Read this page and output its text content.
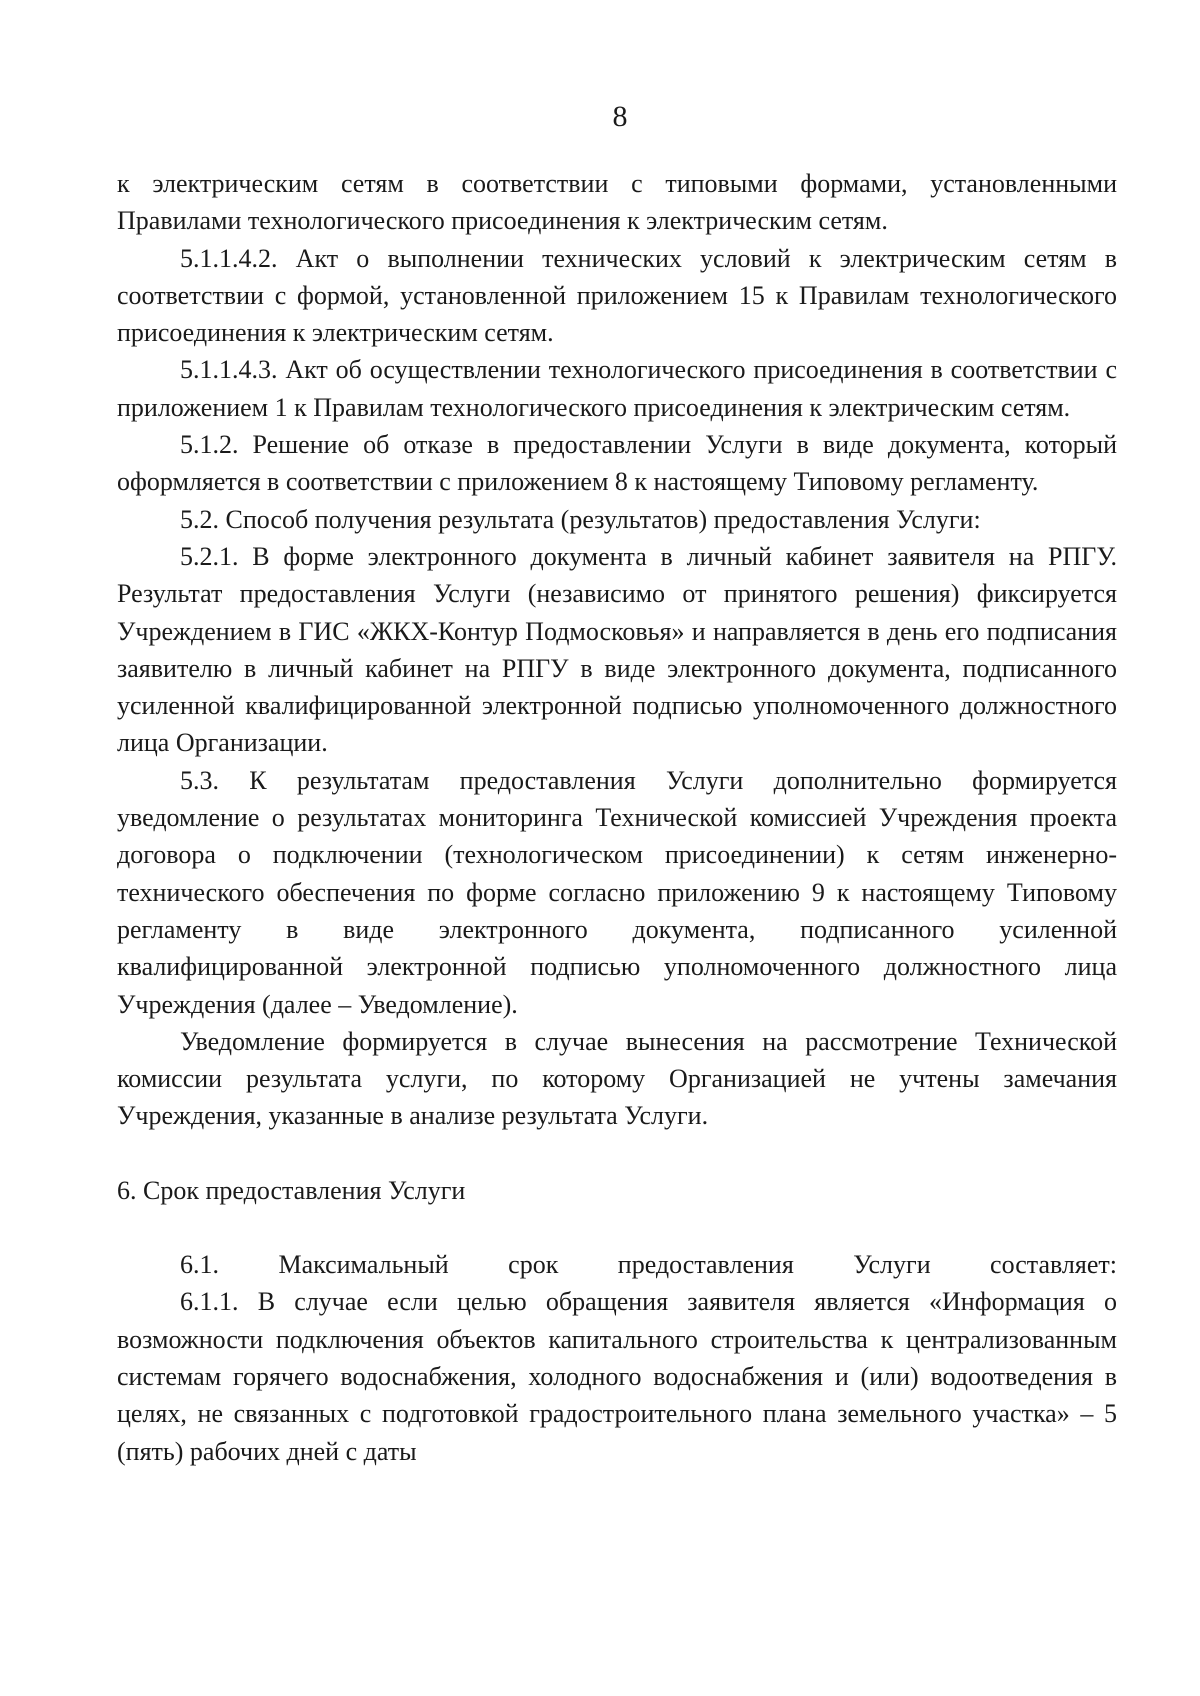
8

к электрическим сетям в соответствии с типовыми формами, установленными Правилами технологического присоединения к электрическим сетям.

5.1.1.4.2. Акт о выполнении технических условий к электрическим сетям в соответствии с формой, установленной приложением 15 к Правилам технологического присоединения к электрическим сетям.

5.1.1.4.3. Акт об осуществлении технологического присоединения в соответствии с приложением 1 к Правилам технологического присоединения к электрическим сетям.

5.1.2. Решение об отказе в предоставлении Услуги в виде документа, который оформляется в соответствии с приложением 8 к настоящему Типовому регламенту.

5.2. Способ получения результата (результатов) предоставления Услуги:

5.2.1. В форме электронного документа в личный кабинет заявителя на РПГУ. Результат предоставления Услуги (независимо от принятого решения) фиксируется Учреждением в ГИС «ЖКХ-Контур Подмосковья» и направляется в день его подписания заявителю в личный кабинет на РПГУ в виде электронного документа, подписанного усиленной квалифицированной электронной подписью уполномоченного должностного лица Организации.

5.3. К результатам предоставления Услуги дополнительно формируется уведомление о результатах мониторинга Технической комиссией Учреждения проекта договора о подключении (технологическом присоединении) к сетям инженерно-технического обеспечения по форме согласно приложению 9 к настоящему Типовому регламенту в виде электронного документа, подписанного усиленной квалифицированной электронной подписью уполномоченного должностного лица Учреждения (далее – Уведомление).

Уведомление формируется в случае вынесения на рассмотрение Технической комиссии результата услуги, по которому Организацией не учтены замечания Учреждения, указанные в анализе результата Услуги.

6. Срок предоставления Услуги

6.1. Максимальный срок предоставления Услуги составляет:

6.1.1. В случае если целью обращения заявителя является «Информация о возможности подключения объектов капитального строительства к централизованным системам горячего водоснабжения, холодного водоснабжения и (или) водоотведения в целях, не связанных с подготовкой градостроительного плана земельного участка» – 5 (пять) рабочих дней с даты
